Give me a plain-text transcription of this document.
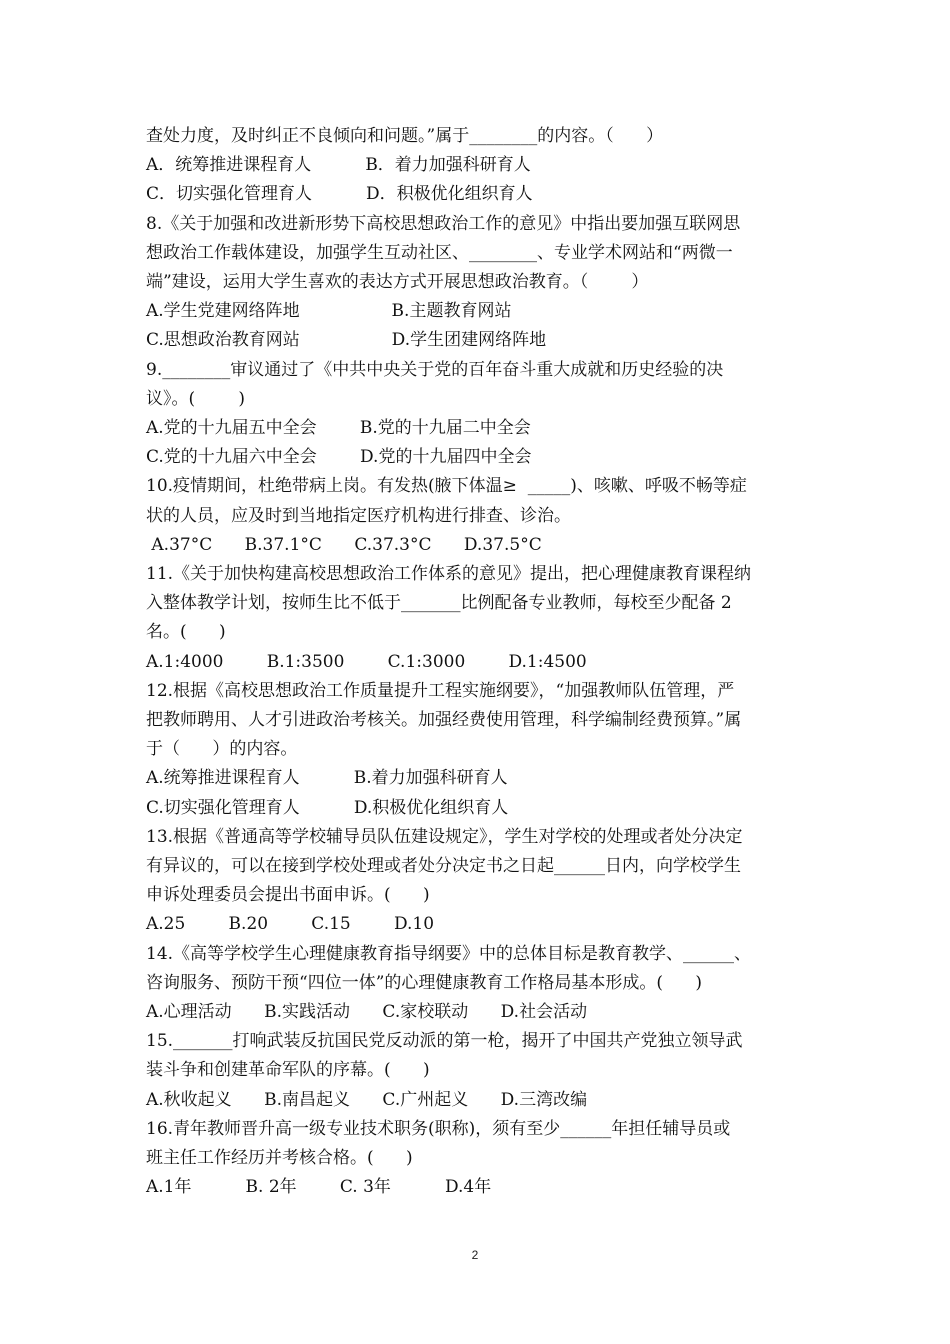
查处力度，及时纠正不良倾向和问题。”属于________的内容。（      ）
A．统筹推进课程育人          B．着力加强科研育人
C．切实强化管理育人          D．积极优化组织育人
8.《关于加强和改进新形势下高校思想政治工作的意见》中指出要加强互联网思
想政治工作载体建设，加强学生互动社区、________、专业学术网站和“两微一
端”建设，运用大学生喜欢的表达方式开展思想政治教育。（        ）
A.学生党建网络阵地                 B.主题教育网站
C.思想政治教育网站                 D.学生团建网络阵地
9.________审议通过了《中共中央关于党的百年奋斗重大成就和历史经验的决
议》。(        )
A.党的十九届五中全会        B.党的十九届二中全会
C.党的十九届六中全会        D.党的十九届四中全会
10.疫情期间，杜绝带病上岗。有发热(腋下体温≥  _____)、咳嗽、呼吸不畅等症
状的人员，应及时到当地指定医疗机构进行排查、诊治。
A.37°C      B.37.1°C      C.37.3°C      D.37.5°C
11.《关于加快构建高校思想政治工作体系的意见》提出，把心理健康教育课程纳
入整体教学计划，按师生比不低于_______比例配备专业教师，每校至少配备 2
名。(      )
A.1:4000        B.1:3500        C.1:3000        D.1:4500
12.根据《高校思想政治工作质量提升工程实施纲要》，“加强教师队伍管理，严
把教师聘用、人才引进政治考核关。加强经费使用管理，科学编制经费预算。”属
于（      ）的内容。
A.统筹推进课程育人          B.着力加强科研育人
C.切实强化管理育人          D.积极优化组织育人
13.根据《普通高等学校辅导员队伍建设规定》，学生对学校的处理或者处分决定
有异议的，可以在接到学校处理或者处分决定书之日起______日内，向学校学生
申诉处理委员会提出书面申诉。(      )
A.25        B.20        C.15        D.10
14.《高等学校学生心理健康教育指导纲要》中的总体目标是教育教学、______、
咨询服务、预防干预“四位一体”的心理健康教育工作格局基本形成。(      )
A.心理活动      B.实践活动      C.家校联动      D.社会活动
15._______打响武装反抗国民党反动派的第一枪，揭开了中国共产党独立领导武
装斗争和创建革命军队的序幕。(      )
A.秋收起义      B.南昌起义      C.广州起义      D.三湾改编
16.青年教师晋升高一级专业技术职务(职称)，须有至少______年担任辅导员或
班主任工作经历并考核合格。(      )
A.1年          B. 2年        C. 3年          D.4年
2
